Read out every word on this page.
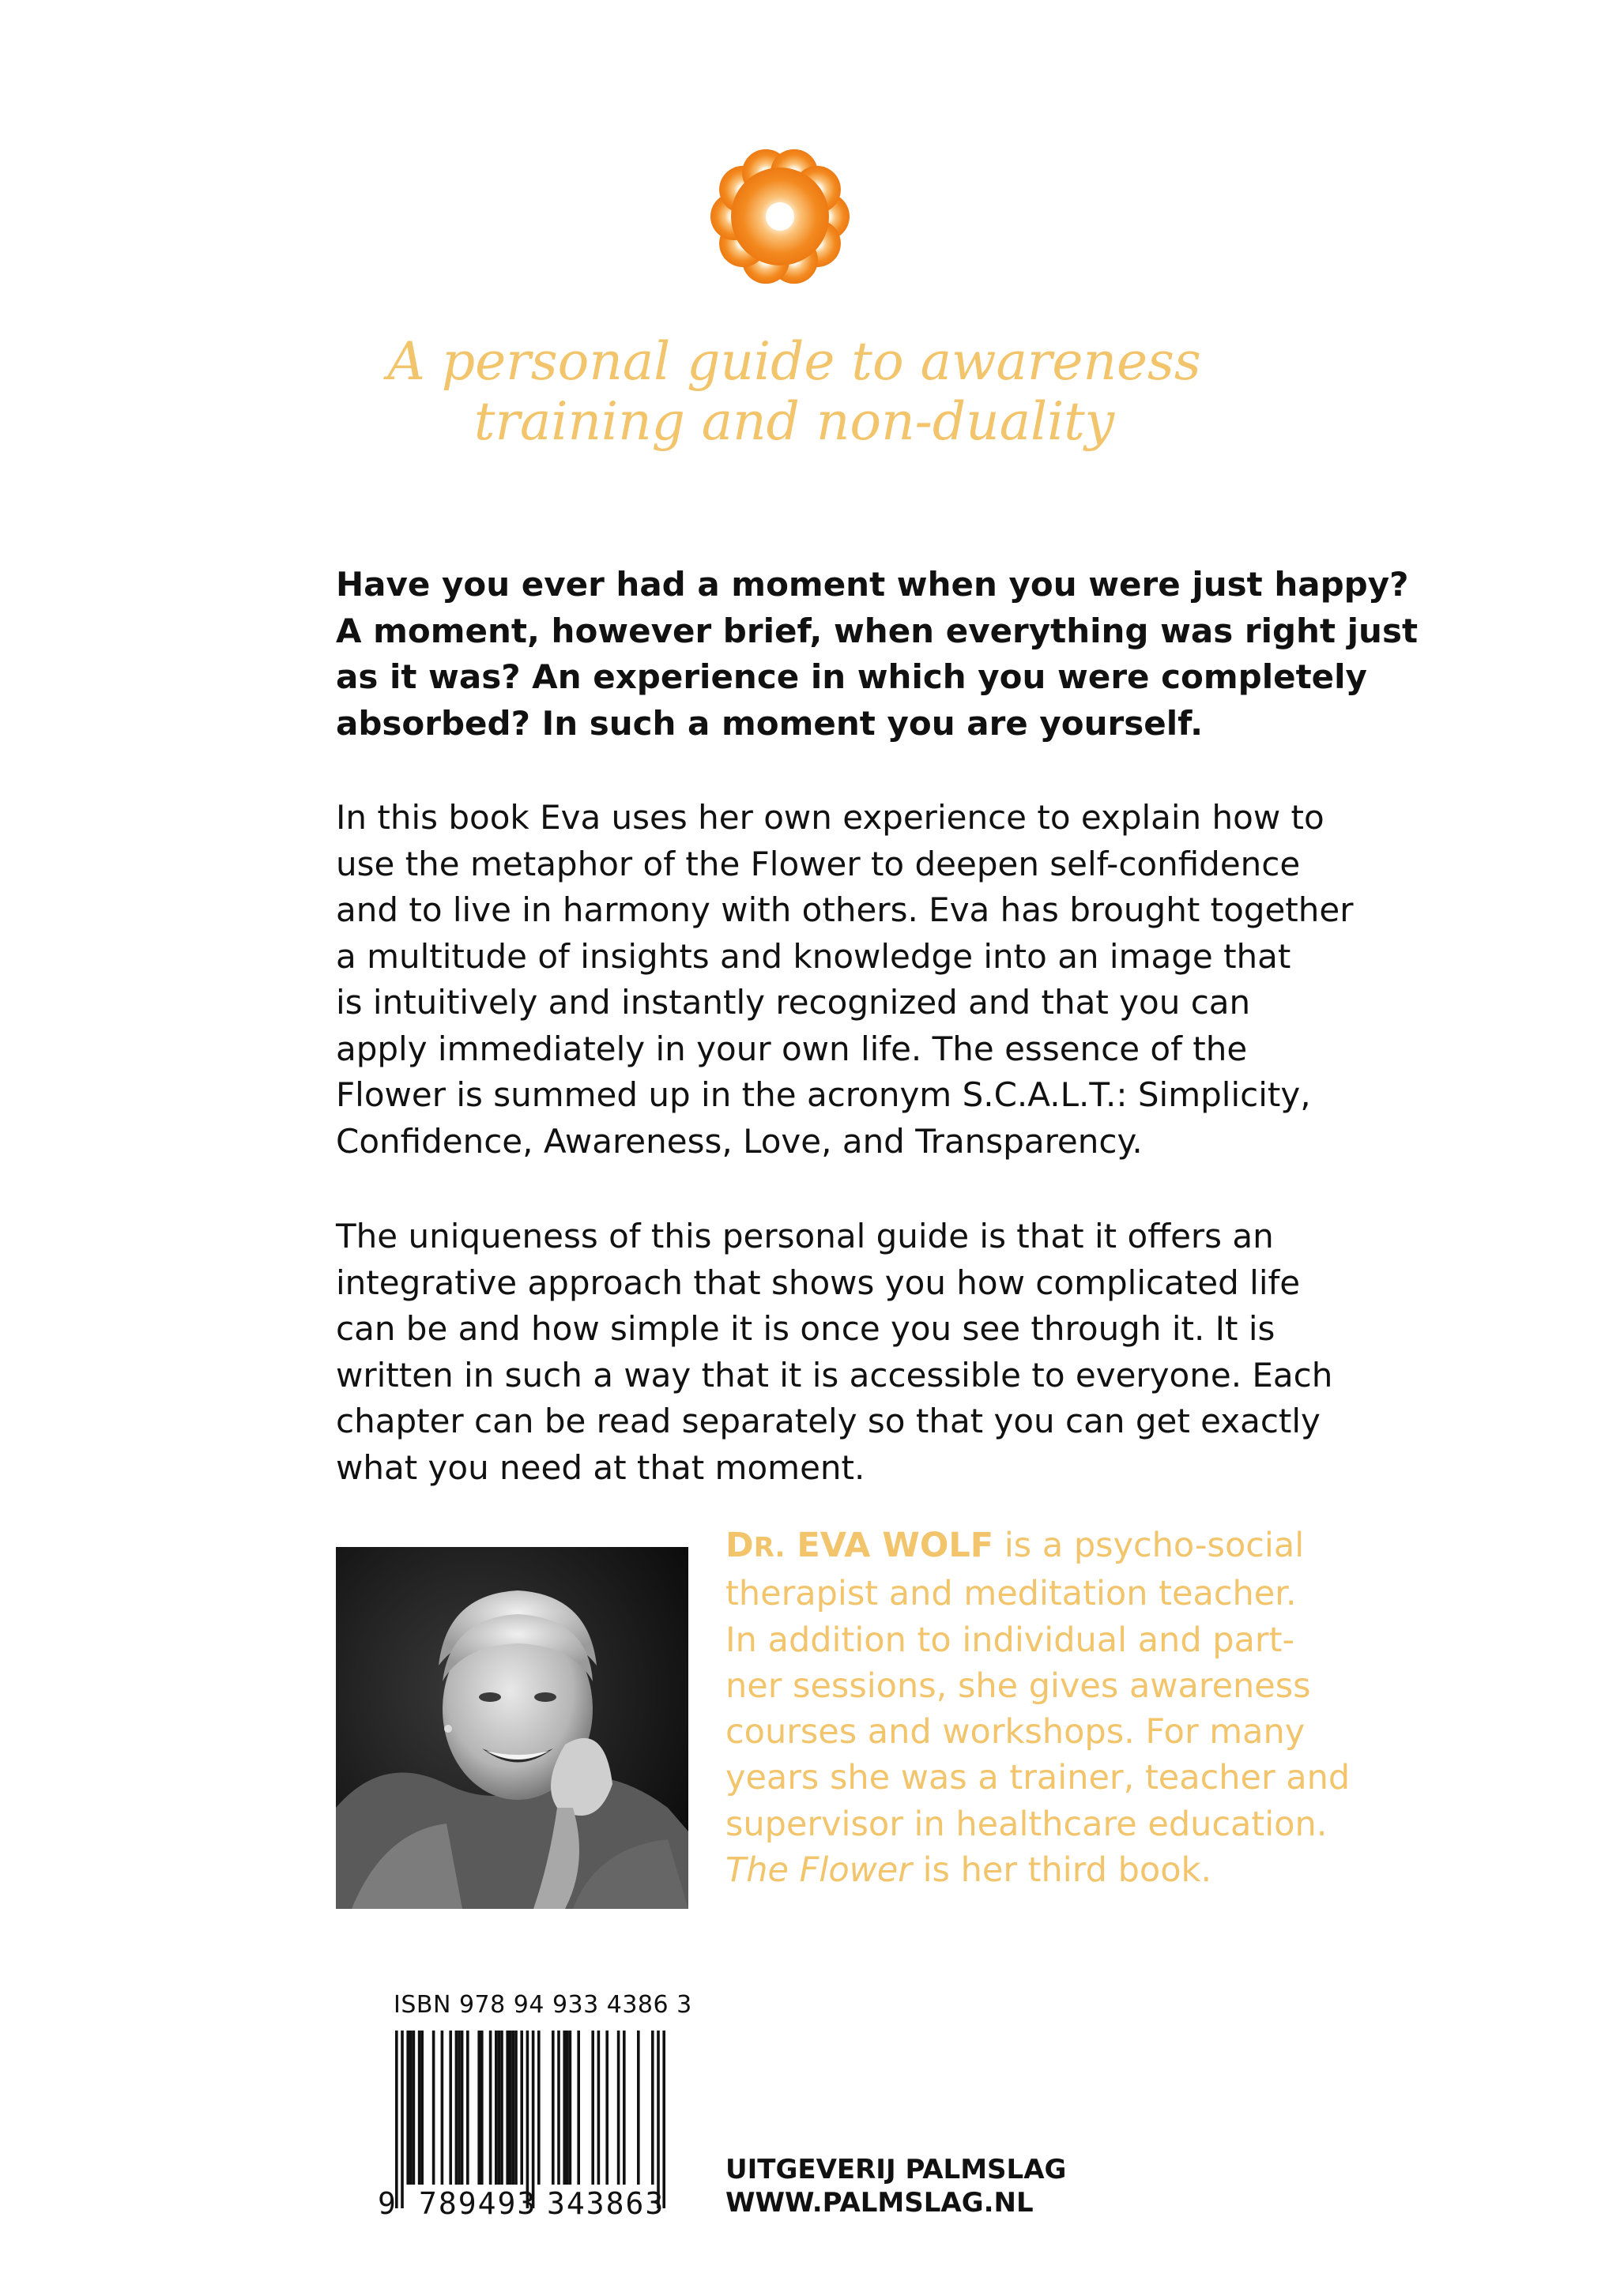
A personal guide to awareness
training and non-duality

Have you ever had a moment when you were just happy?
A moment, however brief, when everything was right just
as it was? An experience in which you were completely
absorbed? In such a moment you are yourself.

In this book Eva uses her own experience to explain how to
use the metaphor of the Flower to deepen self-confidence
and to live in harmony with others. Eva has brought together
a multitude of insights and knowledge into an image that
is intuitively and instantly recognized and that you can
apply immediately in your own life. The essence of the
Flower is summed up in the acronym S.C.A.L.T.: Simplicity,
Confidence, Awareness, Love, and Transparency.

The uniqueness of this personal guide is that it offers an
integrative approach that shows you how complicated life
can be and how simple it is once you see through it. It is
written in such a way that it is accessible to everyone. Each
chapter can be read separately so that you can get exactly
what you need at that moment.

DR. EVA WOLF is a psycho-social
therapist and meditation teacher.
In addition to individual and part-
ner sessions, she gives awareness
courses and workshops. For many
years she was a trainer, teacher and
supervisor in healthcare education.
The Flower is her third book.

ISBN 978 94 933 4386 3
9 789493 343863
UITGEVERIJ PALMSLAG
WWW.PALMSLAG.NL
